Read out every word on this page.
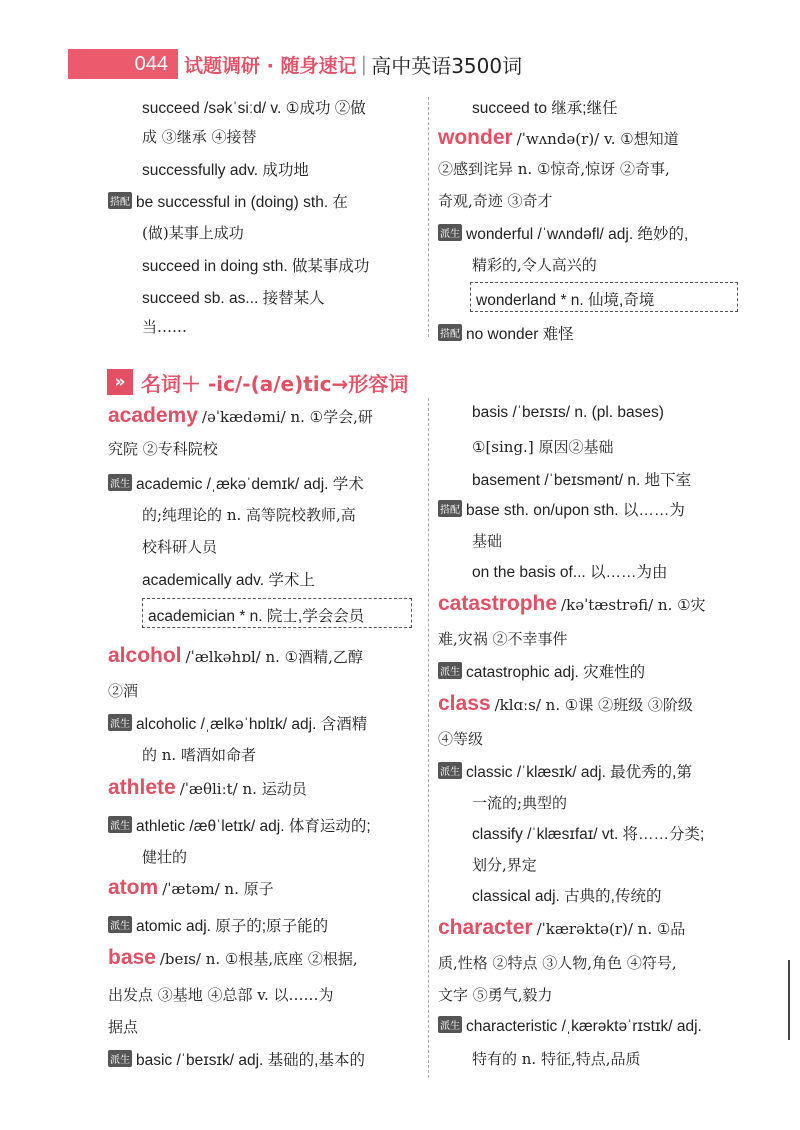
044 试题调研 · 随身速记 | 高中英语3500词
succeed /səkˈsiːd/ v. ①成功 ②做
成 ③继承 ④接替
successfully adv. 成功地
搭配 be successful in (doing) sth. 在
(做)某事上成功
succeed in doing sth. 做某事成功
succeed sb. as... 接替某人
当……
succeed to 继承;继任
wonder /ˈwʌndə(r)/ v. ①想知道
②感到诧异 n. ①惊奇,惊讶 ②奇事,
奇观,奇迹 ③奇才
派生 wonderful /ˈwʌndəfl/ adj. 绝妙的,
精彩的,令人高兴的
wonderland * n. 仙境,奇境
搭配 no wonder 难怪
» 名词＋ -ic/-(a/e)tic→形容词
academy /əˈkædəmi/ n. ①学会,研
究院 ②专科院校
派生 academic /ˌækəˈdemɪk/ adj. 学术
的;纯理论的 n. 高等院校教师,高
校科研人员
academically adv. 学术上
academician * n. 院士,学会会员
alcohol /ˈælkəhɒl/ n. ①酒精,乙醇
②酒
派生 alcoholic /ˌælkəˈhɒlɪk/ adj. 含酒精
的 n. 嗜酒如命者
athlete /ˈæθliːt/ n. 运动员
派生 athletic /æθˈletɪk/ adj. 体育运动的;
健壮的
atom /ˈætəm/ n. 原子
派生 atomic adj. 原子的;原子能的
base /beɪs/ n. ①根基,底座 ②根据,
出发点 ③基地 ④总部 v. 以……为
据点
派生 basic /ˈbeɪsɪk/ adj. 基础的,基本的
basis /ˈbeɪsɪs/ n. (pl. bases)
①[sing.] 原因②基础
basement /ˈbeɪsmənt/ n. 地下室
搭配 base sth. on/upon sth. 以……为
基础
on the basis of... 以……为由
catastrophe /kəˈtæstrəfi/ n. ①灾
难,灾祸 ②不幸事件
派生 catastrophic adj. 灾难性的
class /klɑːs/ n. ①课 ②班级 ③阶级
④等级
派生 classic /ˈklæsɪk/ adj. 最优秀的,第
一流的;典型的
classify /ˈklæsɪfaɪ/ vt. 将……分类;
划分,界定
classical adj. 古典的,传统的
character /ˈkærəktə(r)/ n. ①品
质,性格 ②特点 ③人物,角色 ④符号,
文字 ⑤勇气,毅力
派生 characteristic /ˌkærəktəˈrɪstɪk/ adj.
特有的 n. 特征,特点,品质
